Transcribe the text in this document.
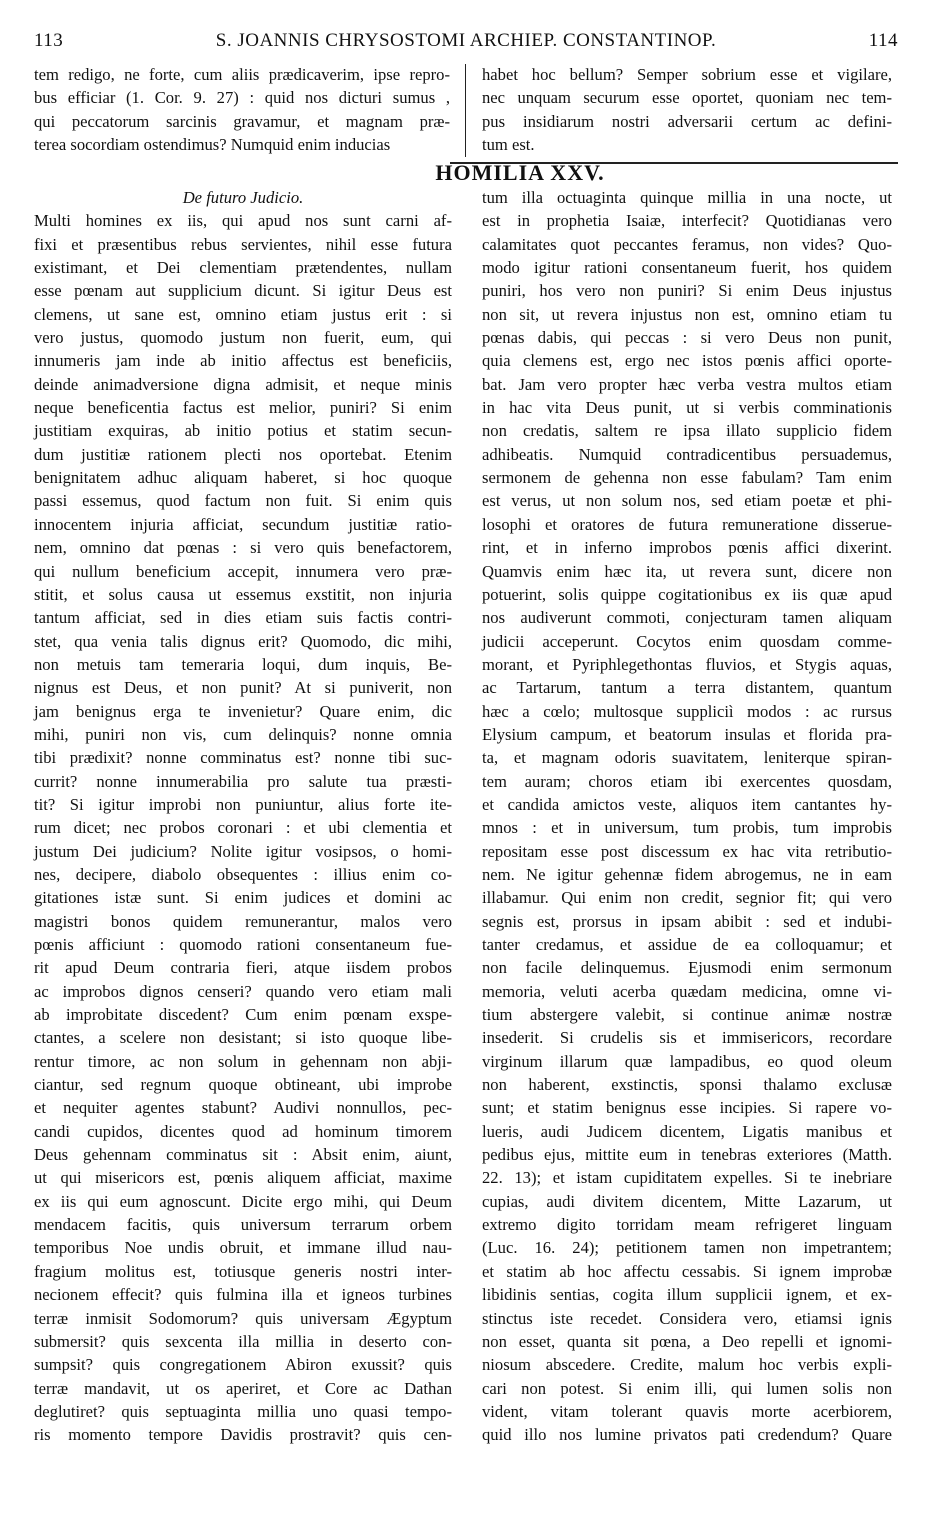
113	S. JOANNIS CHRYSOSTOMI ARCHIEP. CONSTANTINOP.	114
tem redigo, ne forte, cum aliis prædicaverim, ipse repro-
bus efficiar (1. Cor. 9. 27) : quid nos dicturi sumus ,
qui peccatorum sarcinis gravamur, et magnam præ-
terea socordiam ostendimus? Numquid enim inducias
habet hoc bellum? Semper sobrium esse et vigilare,
nec unquam securum esse oportet, quoniam nec tem-
pus insidiarum nostri adversarii certum ac defini-
tum est.
HOMILIA XXV.
De futuro Judicio.
Multi homines ex iis, qui apud nos sunt carni af-
fixi et præsentibus rebus servientes, nihil esse futura
existimant, et Dei clementiam prætendentes, nullam
esse pœnam aut supplicium dicunt. Si igitur Deus est
clemens, ut sane est, omnino etiam justus erit : si
vero justus, quomodo justum non fuerit, eum, qui
innumeris jam inde ab initio affectus est beneficiis,
deinde animadversione digna admisit, et neque minis
neque beneficentia factus est melior, puniri? Si enim
justitiam exquiras, ab initio potius et statim secun-
dum justitiæ rationem plecti nos oportebat. Etenim
benignitatem adhuc aliquam haberet, si hoc quoque
passi essemus, quod factum non fuit. Si enim quis
innocentem injuria afficiat, secundum justitiæ ratio-
nem, omnino dat pœnas : si vero quis benefactorem,
qui nullum beneficium accepit, innumera vero præ-
stitit, et solus causa ut essemus exstitit, non injuria
tantum afficiat, sed in dies etiam suis factis contri-
stet, qua venia talis dignus erit? Quomodo, dic mihi,
non metuis tam temeraria loqui, dum inquis, Be-
nignus est Deus, et non punit? At si puniverit, non
jam benignus erga te invenietur? Quare enim, dic
mihi, puniri non vis, cum delinquis? nonne omnia
tibi prædixit? nonne comminatus est? nonne tibi suc-
currit? nonne innumerabilia pro salute tua præsti-
tit? Si igitur improbi non puniuntur, alius forte ite-
rum dicet; nec probos coronari : et ubi clementia et
justum Dei judicium? Nolite igitur vosipsos, o homi-
nes, decipere, diabolo obsequentes : illius enim co-
gitationes istæ sunt. Si enim judices et domini ac
magistri bonos quidem remunerantur, malos vero
pœnis afficiunt : quomodo rationi consentaneum fue-
rit apud Deum contraria fieri, atque iisdem probos
ac improbos dignos censeri? quando vero etiam mali
ab improbitate discedent? Cum enim pœnam exspe-
ctantes, a scelere non desistant; si isto quoque libe-
rentur timore, ac non solum in gehennam non abji-
ciantur, sed regnum quoque obtineant, ubi improbe
et nequiter agentes stabunt? Audivi nonnullos, pec-
candi cupidos, dicentes quod ad hominum timorem
Deus gehennam comminatus sit : Absit enim, aiunt,
ut qui misericors est, pœnis aliquem afficiat, maxime
ex iis qui eum agnoscunt. Dicite ergo mihi, qui Deum
mendacem facitis, quis universum terrarum orbem
temporibus Noe undis obruit, et immane illud nau-
fragium molitus est, totiusque generis nostri inter-
necionem effecit? quis fulmina illa et igneos turbines
terræ inmisit Sodomorum? quis universam Ægyptum
submersit? quis sexcenta illa millia in deserto con-
sumpsit? quis congregationem Abiron exussit? quis
terræ mandavit, ut os aperiret, et Core ac Dathan
deglutiret? quis septuaginta millia uno quasi tempo-
ris momento tempore Davidis prostravit? quis cen-
tum illa octuaginta quinque millia in una nocte, ut
est in prophetia Isaiæ, interfecit? Quotidianas vero
calamitates quot peccantes feramus, non vides? Quo-
modo igitur rationi consentaneum fuerit, hos quidem
puniri, hos vero non puniri? Si enim Deus injustus
non sit, ut revera injustus non est, omnino etiam tu
pœnas dabis, qui peccas : si vero Deus non punit,
quia clemens est, ergo nec istos pœnis affici oporte-
bat. Jam vero propter hæc verba vestra multos etiam
in hac vita Deus punit, ut si verbis comminationis
non credatis, saltem re ipsa illato supplicio fidem
adhibeatis. Numquid contradicentibus persuademus,
sermonem de gehenna non esse fabulam? Tam enim
est verus, ut non solum nos, sed etiam poetæ et phi-
losophi et oratores de futura remuneratione disserue-
rint, et in inferno improbos pœnis affici dixerint.
Quamvis enim hæc ita, ut revera sunt, dicere non
potuerint, solis quippe cogitationibus ex iis quæ apud
nos audiverunt commoti, conjecturam tamen aliquam
judicii acceperunt. Cocytos enim quosdam comme-
morant, et Pyriphlegethontas fluvios, et Stygis aquas,
ac Tartarum, tantum a terra distantem, quantum
hæc a cœlo; multosque suppliciì modos : ac rursus
Elysium campum, et beatorum insulas et florida pra-
ta, et magnam odoris suavitatem, leniterque spiran-
tem auram; choros etiam ibi exercentes quosdam,
et candida amictos veste, aliquos item cantantes hy-
mnos : et in universum, tum probis, tum improbis
repositam esse post discessum ex hac vita retributio-
nem. Ne igitur gehennæ fidem abrogemus, ne in eam
illabamur. Qui enim non credit, segnior fit; qui vero
segnis est, prorsus in ipsam abibit : sed et indubi-
tanter credamus, et assidue de ea colloquamur; et
non facile delinquemus. Ejusmodi enim sermonum
memoria, veluti acerba quædam medicina, omne vi-
tium abstergere valebit, si continue animæ nostræ
insederit. Si crudelis sis et immisericors, recordare
virginum illarum quæ lampadibus, eo quod oleum
non haberent, exstinctis, sponsi thalamo exclusæ
sunt; et statim benignus esse incipies. Si rapere vo-
lueris, audi Judicem dicentem, Ligatis manibus et
pedibus ejus, mittite eum in tenebras exteriores (Matth.
22. 13); et istam cupiditatem expelles. Si te inebriare
cupias, audi divitem dicentem, Mitte Lazarum, ut
extremo digito torridam meam refrigeret linguam
(Luc. 16. 24); petitionem tamen non impetrantem;
et statim ab hoc affectu cessabis. Si ignem improbæ
libidinis sentias, cogita illum supplicii ignem, et ex-
stinctus iste recedet. Considera vero, etiamsi ignis
non esset, quanta sit pœna, a Deo repelli et ignomi-
niosum abscedere. Credite, malum hoc verbis expli-
cari non potest. Si enim illi, qui lumen solis non
vident, vitam tolerant quavis morte acerbiorem,
quid illo nos lumine privatos pati credendum? Quare
